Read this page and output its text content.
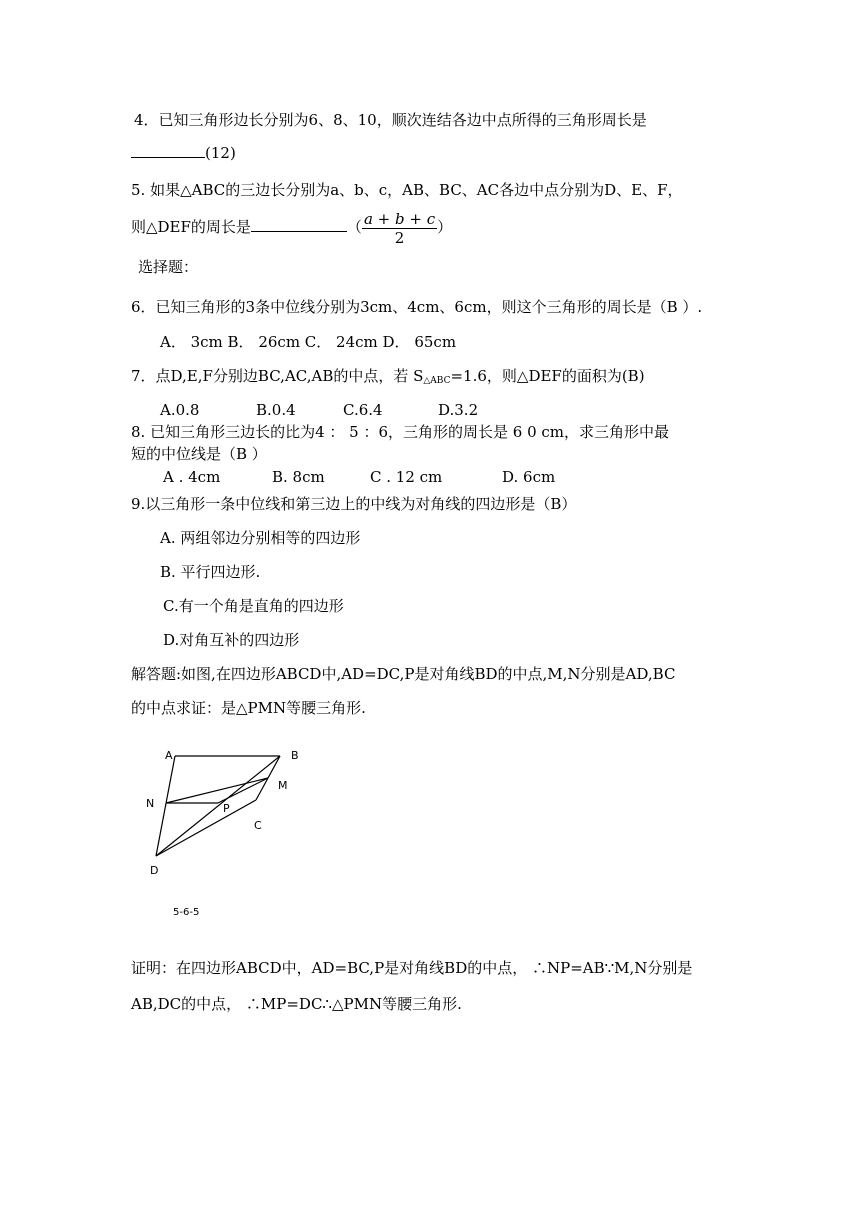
4．已知三角形边长分别为6、8、10，顺次连结各边中点所得的三角形周长是
(12)
5. 如果△ABC的三边长分别为a、b、c，AB、BC、AC各边中点分别为D、E、F，
则△DEF的周长是	（ $\frac{a + b + c}{2}$ ）
选择题：
6．已知三角形的3条中位线分别为3cm、4cm、6cm，则这个三角形的周长是（B ）.
A． 3cm B． 26cm C． 24cm D． 65cm
7．点D,E,F分别边BC,AC,AB的中点，若 $S_{\triangle ABC}=1.6$，则△DEF的面积为(B)
A.0.8	B.0.4	C.6.4	D.3.2
8. 已知三角形三边长的比为4 ： 5 ：6，三角形的周长是 6 0 cm，求三角形中最
短的中位线是（B ）
A . 4cm	B. 8cm	C . 12 cm	D. 6cm
9.以三角形一条中位线和第三边上的中线为对角线的四边形是（B）
A. 两组邻边分别相等的四边形
B. 平行四边形.
C.有一个角是直角的四边形
D.对角互补的四边形
解答题:如图,在四边形ABCD中,AD=DC,P是对角线BD的中点,M,N分别是AD,BC
的中点求证：是△PMN等腰三角形.
A	B
M
N	P
C
D
5-6-5
证明：在四边形ABCD中，AD=BC,P是对角线BD的中点， ∴NP=AB∵M,N分别是
AB,DC的中点， ∴MP=DC∴△PMN等腰三角形.
